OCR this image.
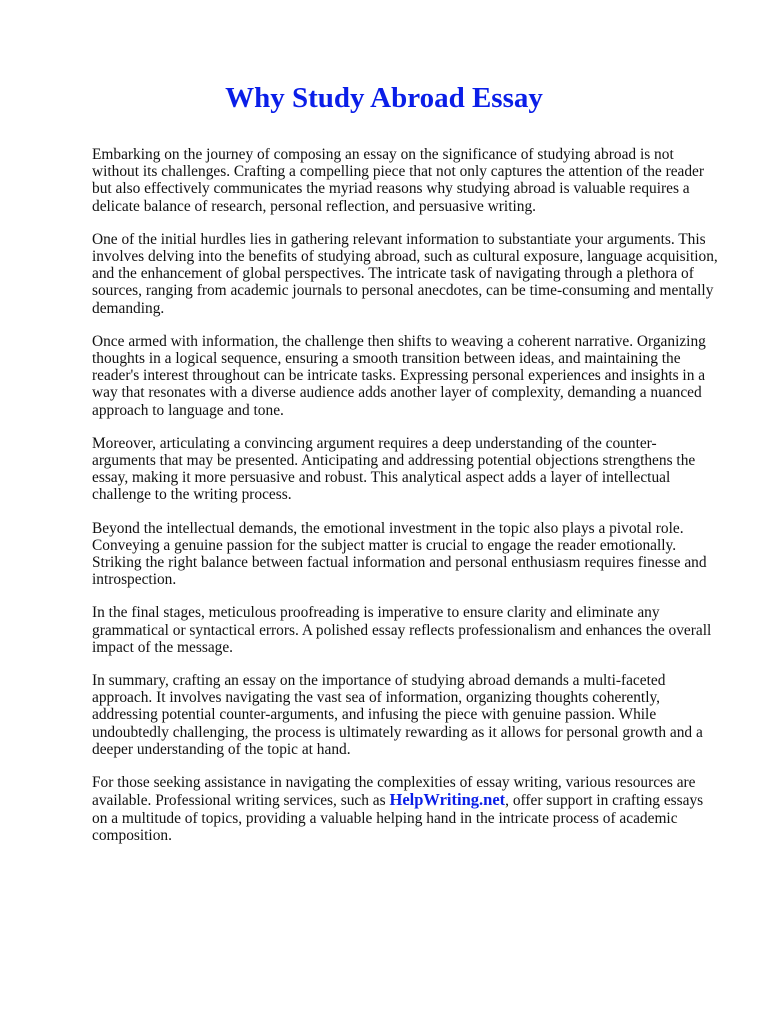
Why Study Abroad Essay

Embarking on the journey of composing an essay on the significance of studying abroad is not without its challenges. Crafting a compelling piece that not only captures the attention of the reader but also effectively communicates the myriad reasons why studying abroad is valuable requires a delicate balance of research, personal reflection, and persuasive writing.

One of the initial hurdles lies in gathering relevant information to substantiate your arguments. This involves delving into the benefits of studying abroad, such as cultural exposure, language acquisition, and the enhancement of global perspectives. The intricate task of navigating through a plethora of sources, ranging from academic journals to personal anecdotes, can be time-consuming and mentally demanding.

Once armed with information, the challenge then shifts to weaving a coherent narrative. Organizing thoughts in a logical sequence, ensuring a smooth transition between ideas, and maintaining the reader's interest throughout can be intricate tasks. Expressing personal experiences and insights in a way that resonates with a diverse audience adds another layer of complexity, demanding a nuanced approach to language and tone.

Moreover, articulating a convincing argument requires a deep understanding of the counter-arguments that may be presented. Anticipating and addressing potential objections strengthens the essay, making it more persuasive and robust. This analytical aspect adds a layer of intellectual challenge to the writing process.

Beyond the intellectual demands, the emotional investment in the topic also plays a pivotal role. Conveying a genuine passion for the subject matter is crucial to engage the reader emotionally. Striking the right balance between factual information and personal enthusiasm requires finesse and introspection.

In the final stages, meticulous proofreading is imperative to ensure clarity and eliminate any grammatical or syntactical errors. A polished essay reflects professionalism and enhances the overall impact of the message.

In summary, crafting an essay on the importance of studying abroad demands a multi-faceted approach. It involves navigating the vast sea of information, organizing thoughts coherently, addressing potential counter-arguments, and infusing the piece with genuine passion. While undoubtedly challenging, the process is ultimately rewarding as it allows for personal growth and a deeper understanding of the topic at hand.

For those seeking assistance in navigating the complexities of essay writing, various resources are available. Professional writing services, such as HelpWriting.net, offer support in crafting essays on a multitude of topics, providing a valuable helping hand in the intricate process of academic composition.
